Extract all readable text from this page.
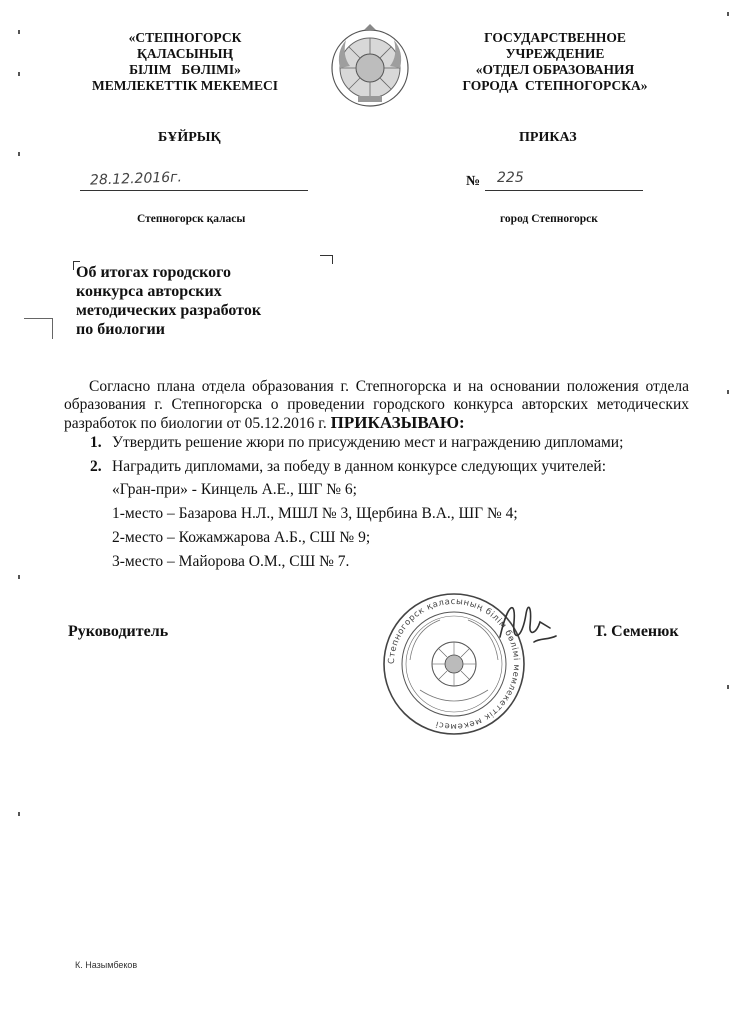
«СТЕПНОГОРСК
ҚАЛАСЫНЫҢ
БІЛІМ   БӨЛІМІ»
МЕМЛЕКЕТТІК МЕКЕМЕСІ
ГОСУДАРСТВЕННОЕ
УЧРЕЖДЕНИЕ
«ОТДЕЛ ОБРАЗОВАНИЯ
ГОРОДА  СТЕПНОГОРСКА»
БҰЙРЫҚ	ПРИКАЗ
28.12.2016г.	№ 225
Степногорск қаласы	город Степногорск
Об итогах городского
конкурса авторских
методических разработок
по биологии
Согласно плана отдела образования г. Степногорска и на основании положения отдела образования г. Степногорска о проведении городского конкурса авторских методических разработок по биологии от 05.12.2016 г. ПРИКАЗЫВАЮ:
1. Утвердить решение жюри по присуждению мест и награждению дипломами;
2. Наградить дипломами, за победу в данном конкурсе следующих учителей:
«Гран-при» - Кинцель А.Е., ШГ № 6;
1-место – Базарова Н.Л., МШЛ № 3, Щербина В.А., ШГ № 4;
2-место – Кожамжарова А.Б., СШ № 9;
3-место – Майорова О.М., СШ № 7.
Руководитель	Т. Семенюк
Степногорск қаласының білім бөлімі мемлекеттік мекемесі
К. Назымбеков
